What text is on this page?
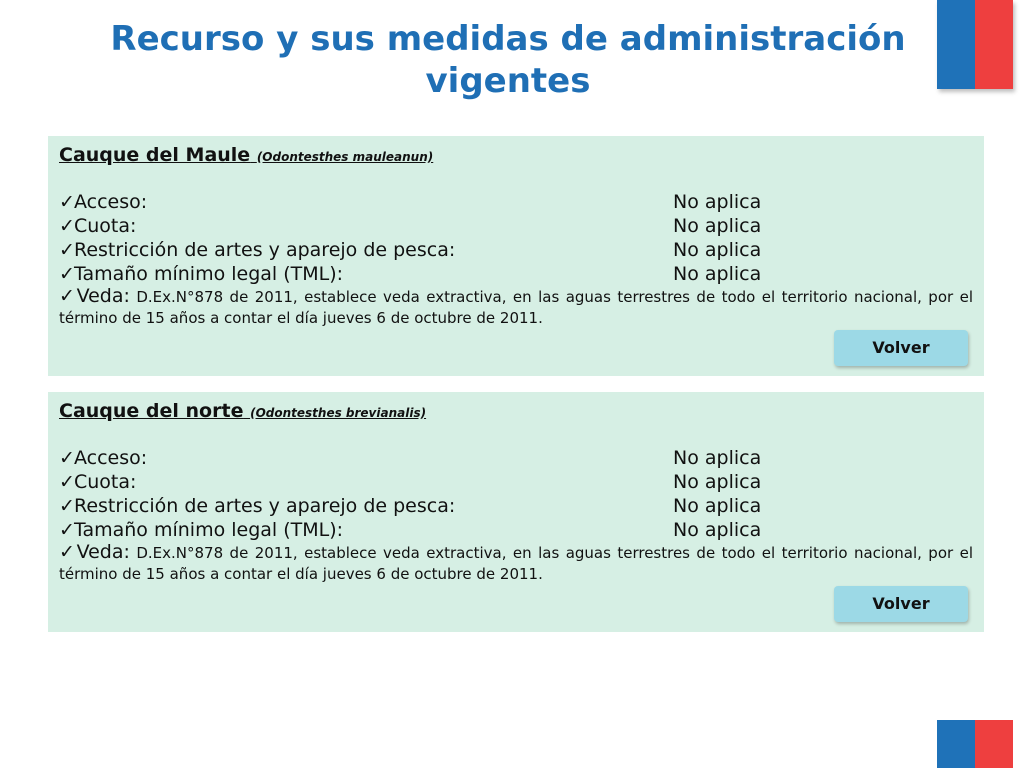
Recurso y sus medidas de administración vigentes
Cauque del Maule (Odontesthes mauleanun)
✓Acceso:	No aplica
✓Cuota:	No aplica
✓Restricción de artes y aparejo de pesca:	No aplica
✓Tamaño mínimo legal (TML):	No aplica
✓Veda: D.Ex.N°878 de 2011, establece veda extractiva, en las aguas terrestres de todo el territorio nacional, por el término de 15 años a contar el día jueves 6 de octubre de 2011.
Volver
Cauque del norte (Odontesthes brevianalis)
✓Acceso:	No aplica
✓Cuota:	No aplica
✓Restricción de artes y aparejo de pesca:	No aplica
✓Tamaño mínimo legal (TML):	No aplica
✓Veda: D.Ex.N°878 de 2011, establece veda extractiva, en las aguas terrestres de todo el territorio nacional, por el término de 15 años a contar el día jueves 6 de octubre de 2011.
Volver
